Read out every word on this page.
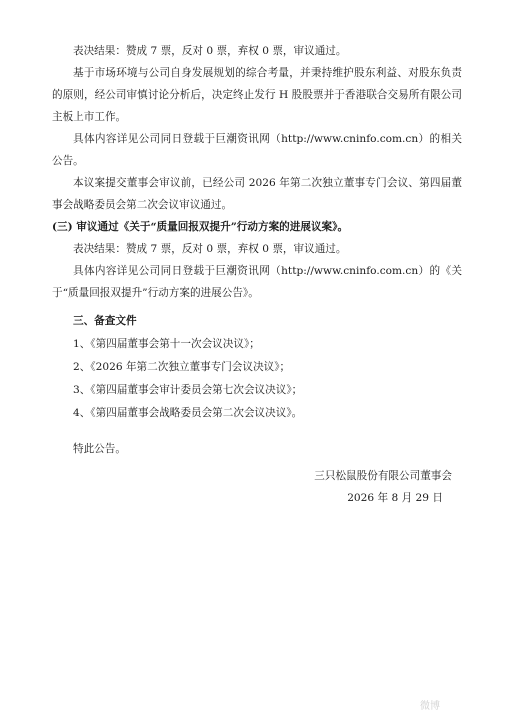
表决结果：赞成 7 票，反对 0 票，弃权 0 票，审议通过。
基于市场环境与公司自身发展规划的综合考量，并秉持维护股东利益、对股东负责的原则，经公司审慎讨论分析后，决定终止发行 H 股股票并于香港联合交易所有限公司主板上市工作。
具体内容详见公司同日登载于巨潮资讯网（http://www.cninfo.com.cn）的相关公告。
本议案提交董事会审议前，已经公司 2026 年第二次独立董事专门会议、第四届董事会战略委员会第二次会议审议通过。
(三) 审议通过《关于“质量回报双提升”行动方案的进展议案》。
表决结果：赞成 7 票，反对 0 票，弃权 0 票，审议通过。
具体内容详见公司同日登载于巨潮资讯网（http://www.cninfo.com.cn）的《关于“质量回报双提升”行动方案的进展公告》。
三、备查文件
1、《第四届董事会第十一次会议决议》；
2、《2026 年第二次独立董事专门会议决议》；
3、《第四届董事会审计委员会第七次会议决议》；
4、《第四届董事会战略委员会第二次会议决议》。
特此公告。
三只松鼠股份有限公司董事会
2026 年 8 月 29 日
微博
